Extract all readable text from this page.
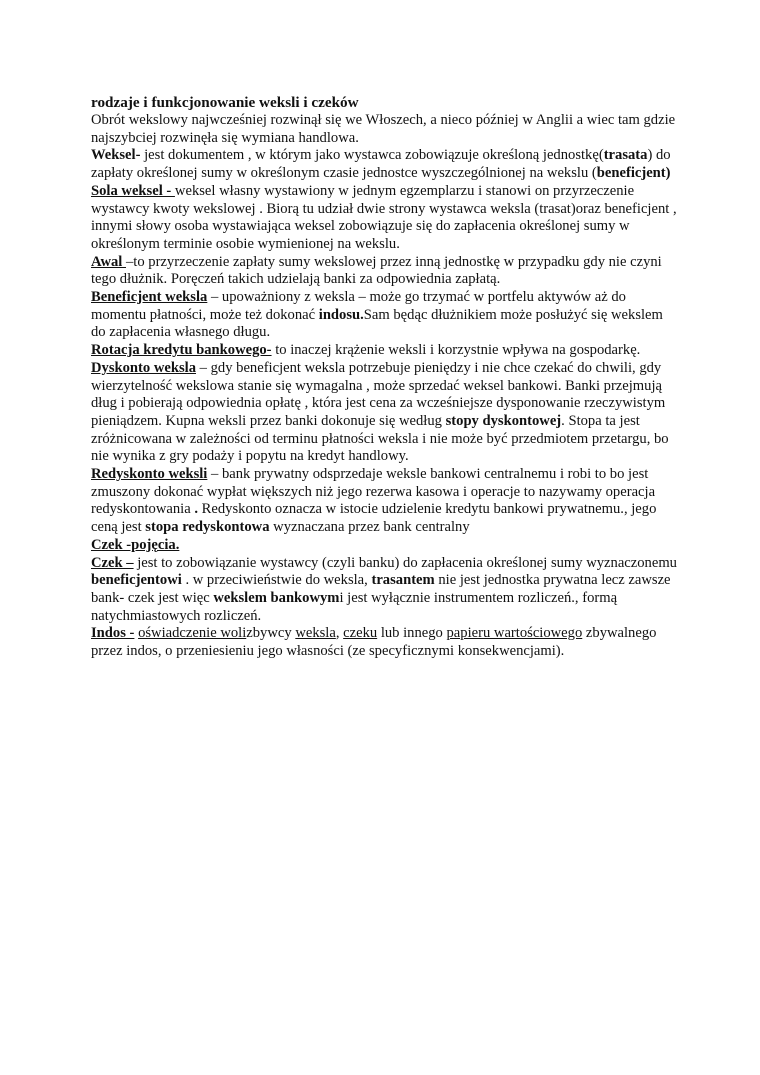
rodzaje i funkcjonowanie weksli i czeków

Obrót wekslowy najwcześniej rozwinął się we Włoszech, a nieco później w Anglii a wiec tam gdzie najszybciej rozwinęła się wymiana handlowa.

Weksel- jest dokumentem , w którym jako wystawca zobowiązuje określoną jednostkę(trasata) do zapłaty określonej sumy w określonym czasie jednostce wyszczególnionej na wekslu (beneficjent)

Sola weksel - weksel własny wystawiony w jednym egzemplarzu i stanowi on przyrzeczenie wystawcy kwoty wekslowej . Biorą tu udział dwie strony wystawca weksla (trasat)oraz beneficjent , innymi słowy osoba wystawiająca weksel zobowiązuje się do zapłacenia określonej sumy w określonym terminie osobie wymienionej na wekslu.

Awal –to przyrzeczenie zapłaty sumy wekslowej przez inną jednostkę w przypadku gdy nie czyni tego dłużnik. Poręczeń takich udzielają banki za odpowiednia zapłatą.

Beneficjent weksla – upoważniony z weksla – może go trzymać w portfelu aktywów aż do momentu płatności, może też dokonać indosu.Sam będąc dłużnikiem może posłużyć się wekslem do zapłacenia własnego długu.

Rotacja kredytu bankowego- to inaczej krążenie weksli i korzystnie wpływa na gospodarkę.

Dyskonto weksla – gdy beneficjent weksla potrzebuje pieniędzy i nie chce czekać do chwili, gdy wierzytelność wekslowa stanie się wymagalna , może sprzedać weksel bankowi. Banki przejmują dług i pobierają odpowiednia opłatę , która jest cena za wcześniejsze dysponowanie rzeczywistym pieniądzem. Kupna weksli przez banki dokonuje się według stopy dyskontowej. Stopa ta jest zróżnicowana w zależności od terminu płatności weksla i nie może być przedmiotem przetargu, bo nie wynika z gry podaży i popytu na kredyt handlowy.

Redyskonto weksli – bank prywatny odsprzedaje weksle bankowi centralnemu i robi to bo jest zmuszony dokonać wypłat większych niż jego rezerwa kasowa i operacje to nazywamy operacja redyskontowania . Redyskonto oznacza w istocie udzielenie kredytu bankowi prywatnemu., jego ceną jest stopa redyskontowa wyznaczana przez bank centralny

Czek -pojęcia.

Czek – jest to zobowiązanie wystawcy (czyli banku) do zapłacenia określonej sumy wyznaczonemu beneficjentowi . w przeciwieństwie do weksla, trasantem nie jest jednostka prywatna lecz zawsze bank- czek jest więc wekslem bankowymi jest wyłącznie instrumentem rozliczeń., formą natychmiastowych rozliczeń.

Indos - oświadczenie wolizbywcy weksla, czeku lub innego papieru wartościowego zbywalnego przez indos, o przeniesieniu jego własności (ze specyficznymi konsekwencjami).
